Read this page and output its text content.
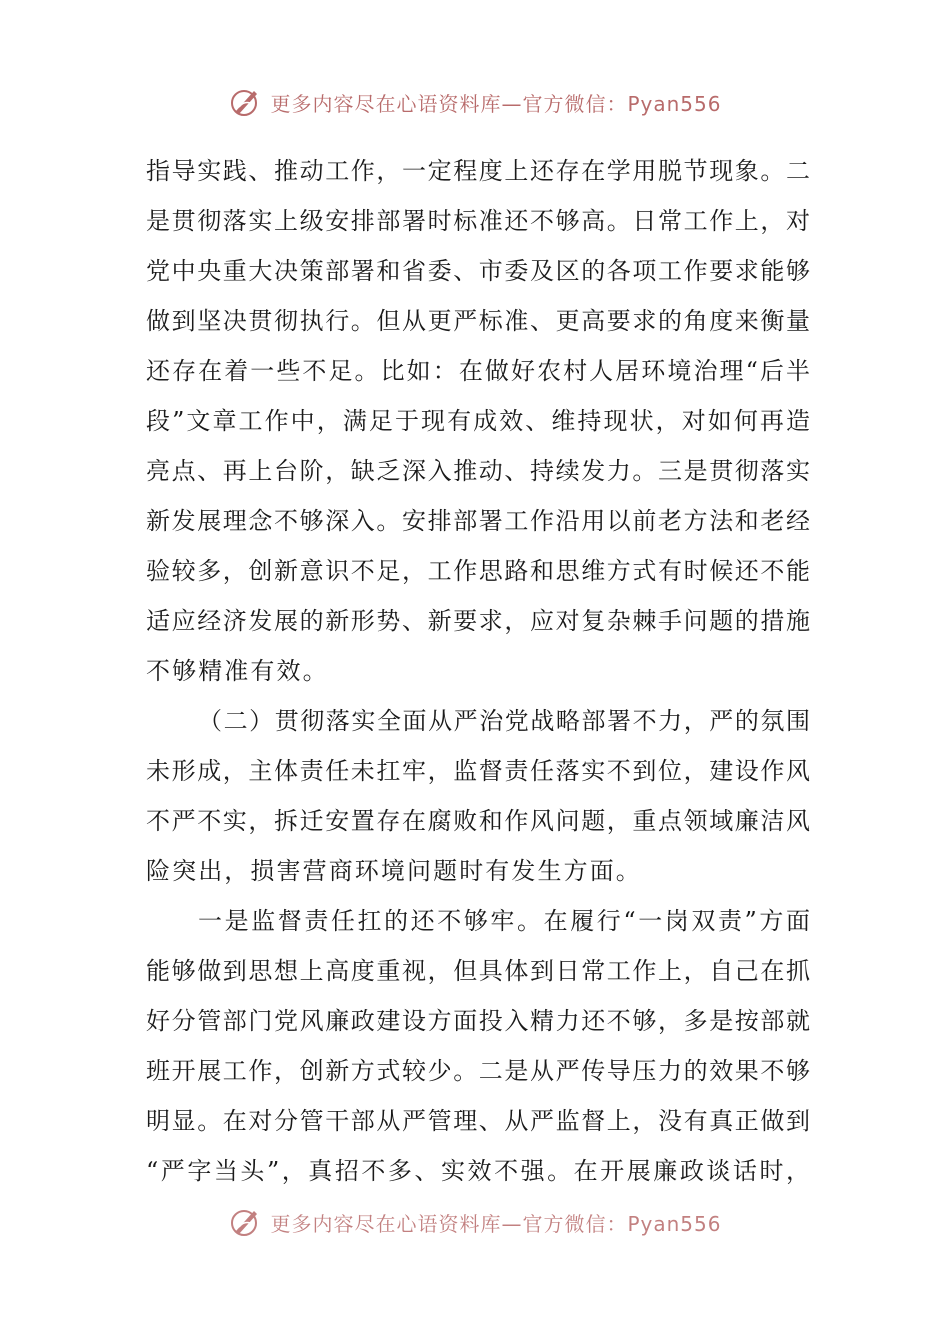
更多内容尽在心语资料库—官方微信：Pyan556
指导实践、推动工作，一定程度上还存在学用脱节现象。二
是贯彻落实上级安排部署时标准还不够高。日常工作上，对
党中央重大决策部署和省委、市委及区的各项工作要求能够
做到坚决贯彻执行。但从更严标准、更高要求的角度来衡量
还存在着一些不足。比如：在做好农村人居环境治理“后半
段”文章工作中，满足于现有成效、维持现状，对如何再造
亮点、再上台阶，缺乏深入推动、持续发力。三是贯彻落实
新发展理念不够深入。安排部署工作沿用以前老方法和老经
验较多，创新意识不足，工作思路和思维方式有时候还不能
适应经济发展的新形势、新要求，应对复杂棘手问题的措施
不够精准有效。
（二）贯彻落实全面从严治党战略部署不力，严的氛围
未形成，主体责任未扛牢，监督责任落实不到位，建设作风
不严不实，拆迁安置存在腐败和作风问题，重点领域廉洁风
险突出，损害营商环境问题时有发生方面。
一是监督责任扛的还不够牢。在履行“一岗双责”方面
能够做到思想上高度重视，但具体到日常工作上，自己在抓
好分管部门党风廉政建设方面投入精力还不够，多是按部就
班开展工作，创新方式较少。二是从严传导压力的效果不够
明显。在对分管干部从严管理、从严监督上，没有真正做到
“严字当头”，真招不多、实效不强。在开展廉政谈话时，
更多内容尽在心语资料库—官方微信：Pyan556
